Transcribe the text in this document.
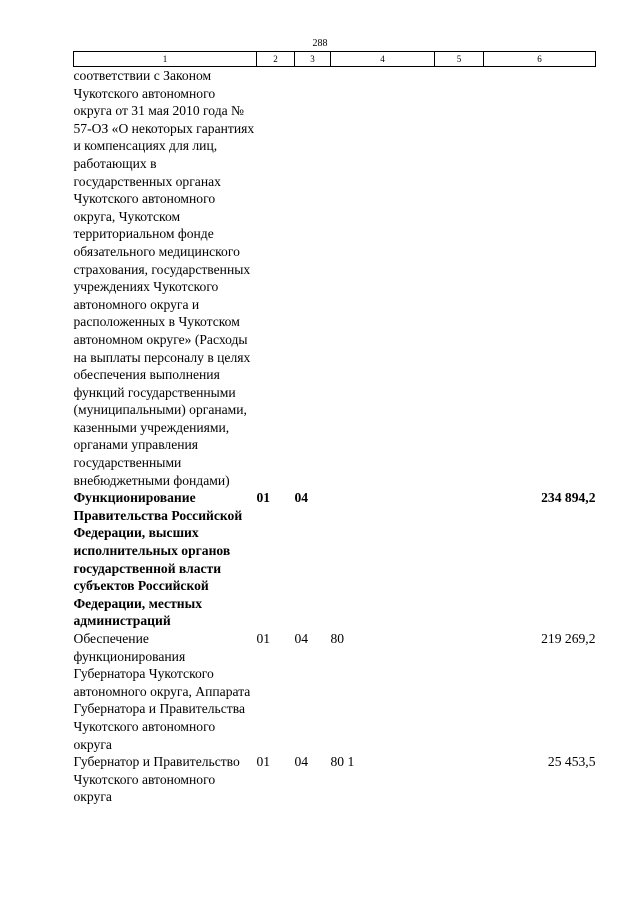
288
1	2	3	4	5	6
соответствии с Законом Чукотского автономного округа от 31 мая 2010 года № 57-ОЗ «О некоторых гарантиях и компенсациях для лиц, работающих в государственных органах Чукотского автономного округа, Чукотском территориальном фонде обязательного медицинского страхования, государственных учреждениях Чукотского автономного округа и расположенных в Чукотском автономном округе» (Расходы на выплаты персоналу в целях обеспечения выполнения функций государственными (муниципальными) органами, казенными учреждениями, органами управления государственными внебюджетными фондами)					
Функционирование Правительства Российской Федерации, высших исполнительных органов государственной власти субъектов Российской Федерации, местных администраций	01	04			234 894,2
Обеспечение функционирования Губернатора Чукотского автономного округа, Аппарата Губернатора и Правительства Чукотского автономного округа	01	04	80		219 269,2
Губернатор и Правительство Чукотского автономного округа	01	04	80 1		25 453,5
